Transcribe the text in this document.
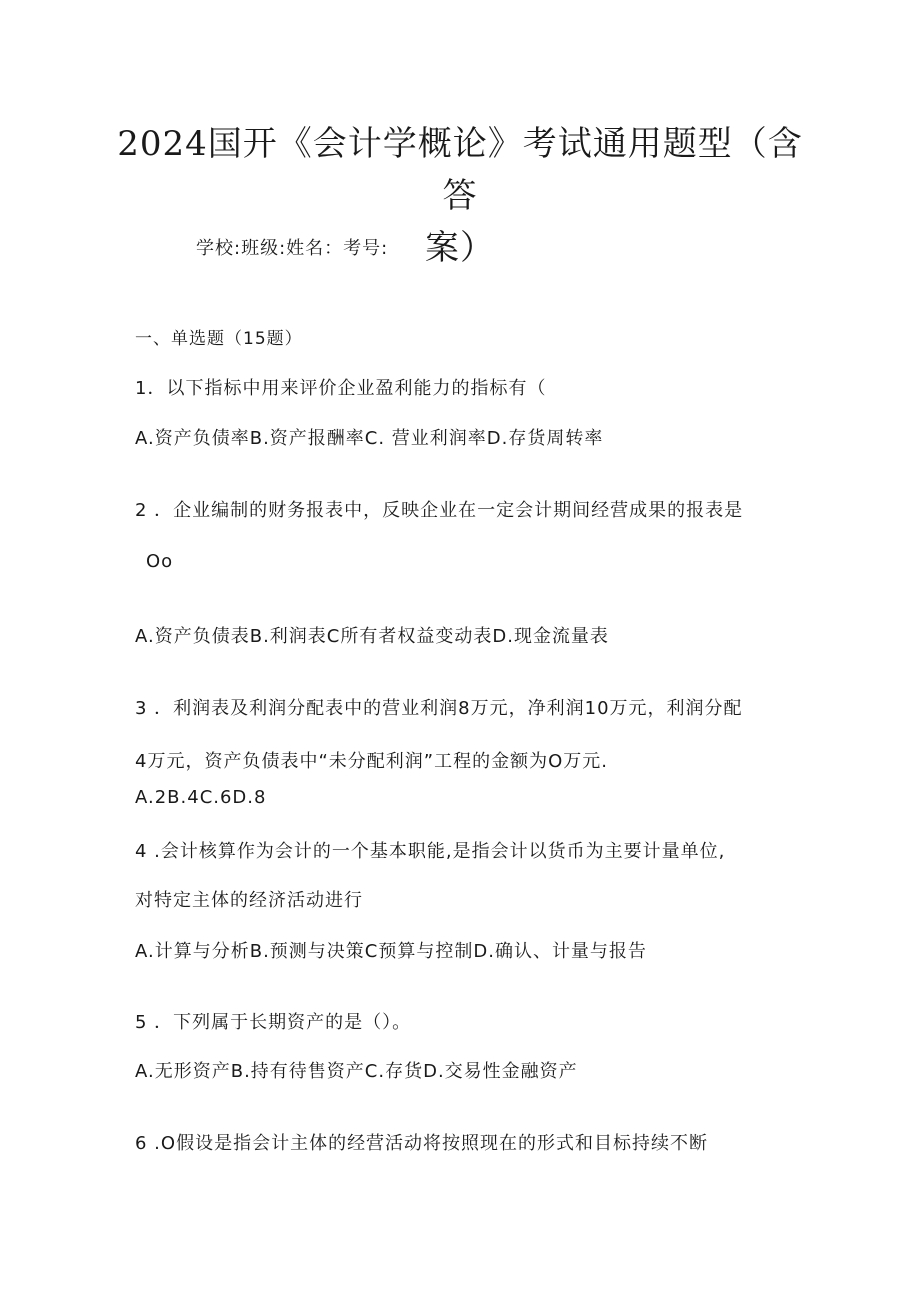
2024国开《会计学概论》考试通用题型（含答
案）
学校:班级:姓名：考号:
一、单选题（15题）
1．以下指标中用来评价企业盈利能力的指标有（
A.资产负债率B.资产报酬率C. 营业利润率D.存货周转率
2 ．企业编制的财务报表中，反映企业在一定会计期间经营成果的报表是
Oo
A.资产负债表B.利润表C所有者权益变动表D.现金流量表
3 ．利润表及利润分配表中的营业利润8万元，净利润10万元，利润分配
4万元，资产负债表中“未分配利润”工程的金额为O万元.
A.2B.4C.6D.8
4 .会计核算作为会计的一个基本职能,是指会计以货币为主要计量单位,
对特定主体的经济活动进行
A.计算与分析B.预测与决策C预算与控制D.确认、计量与报告
5 ．下列属于长期资产的是（）。
A.无形资产B.持有待售资产C.存货D.交易性金融资产
6 .O假设是指会计主体的经营活动将按照现在的形式和目标持续不断
